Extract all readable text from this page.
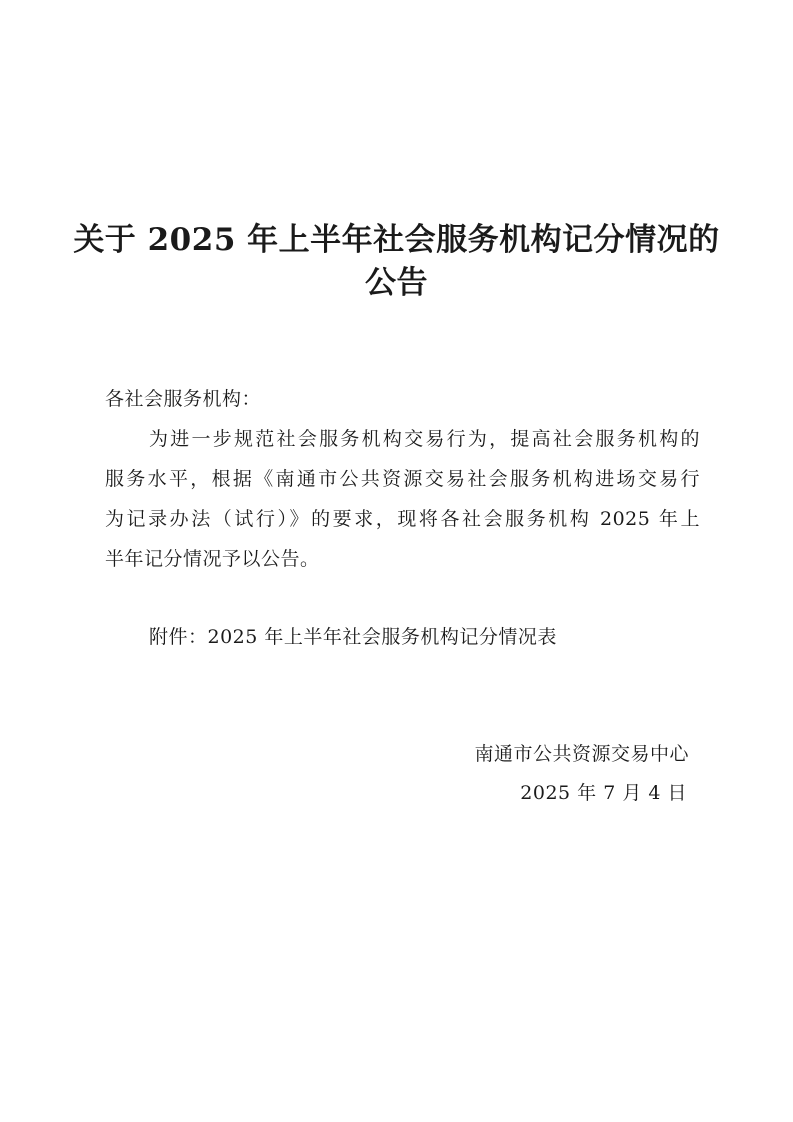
关于 2025 年上半年社会服务机构记分情况的
公告

各社会服务机构：

为进一步规范社会服务机构交易行为，提高社会服务机构的

服务水平，根据《南通市公共资源交易社会服务机构进场交易行

为记录办法（试行）》的要求，现将各社会服务机构 2025 年上

半年记分情况予以公告。

附件：2025 年上半年社会服务机构记分情况表

南通市公共资源交易中心

2025 年 7 月 4 日
